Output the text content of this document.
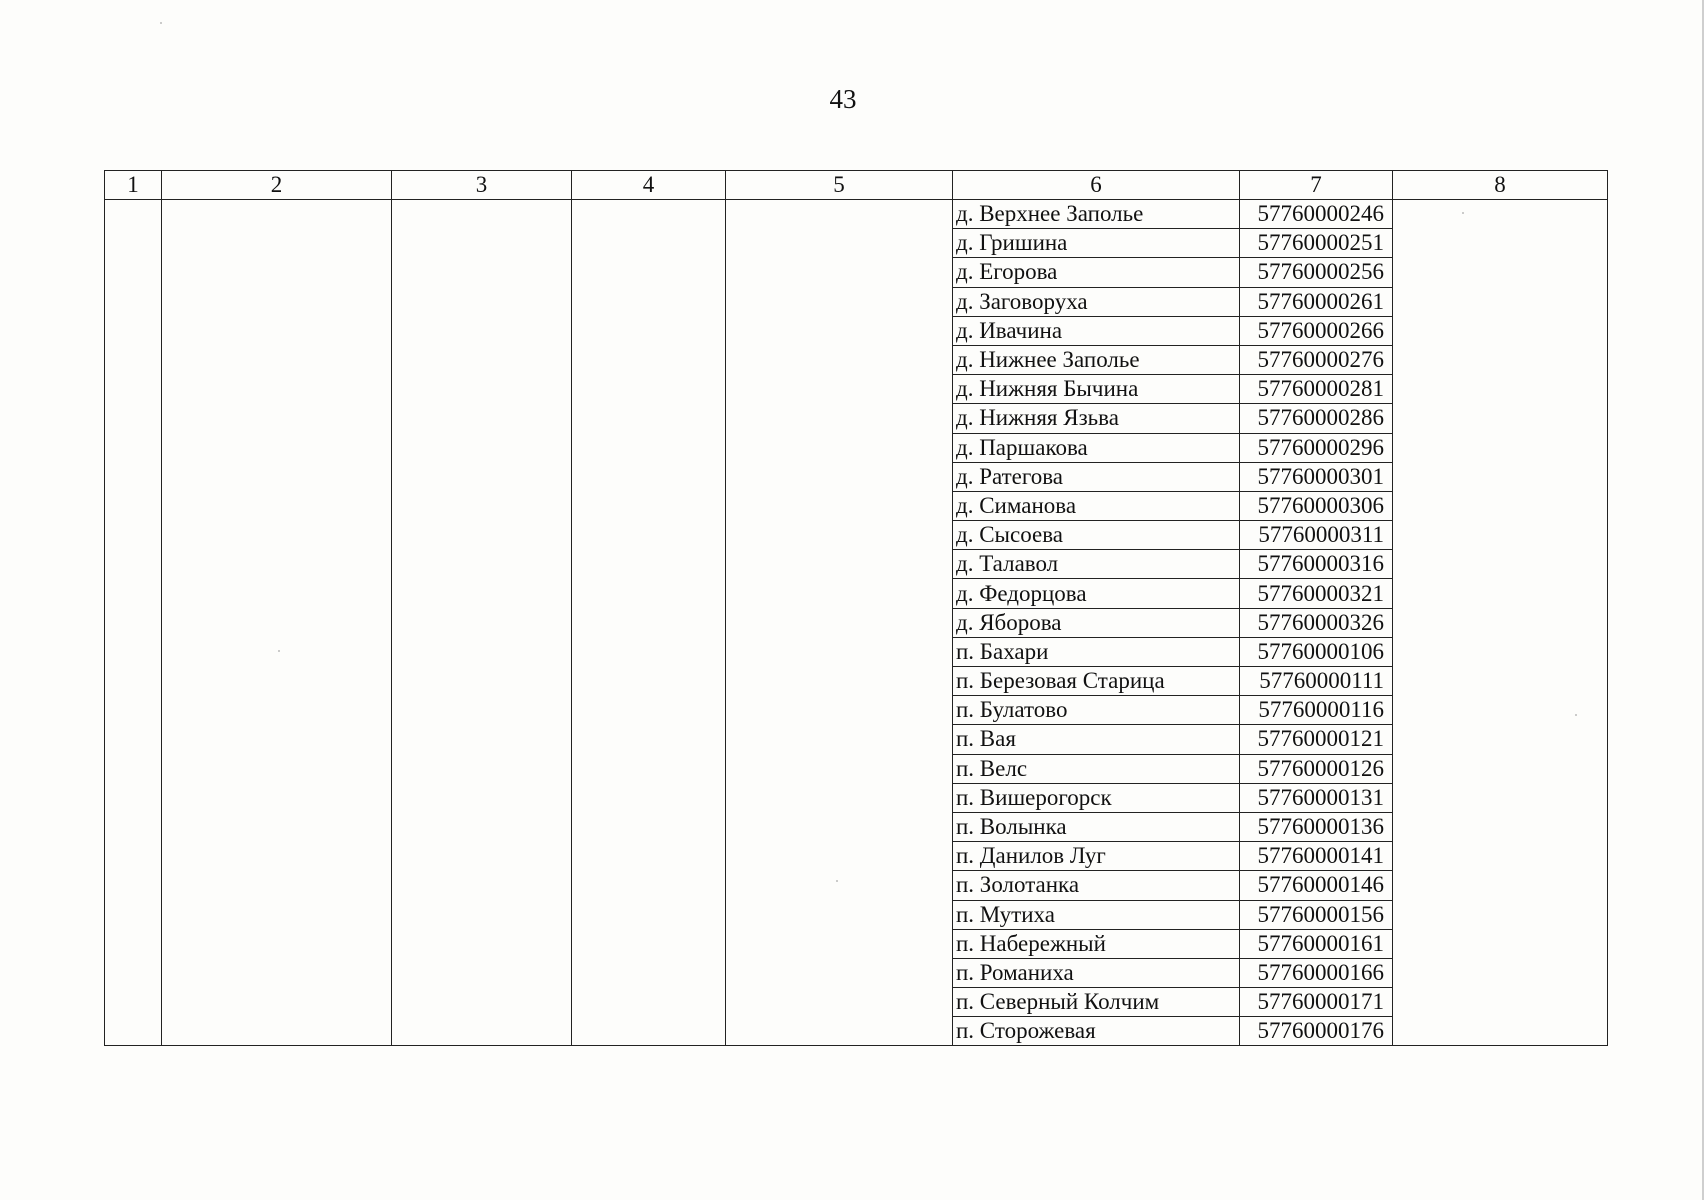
43
1	2	3	4	5	6	7	8
					д. Верхнее Заполье	57760000246	
					д. Гришина	57760000251	
					д. Егорова	57760000256	
					д. Заговоруха	57760000261	
					д. Ивачина	57760000266	
					д. Нижнее Заполье	57760000276	
					д. Нижняя Бычина	57760000281	
					д. Нижняя Язьва	57760000286	
					д. Паршакова	57760000296	
					д. Ратегова	57760000301	
					д. Симанова	57760000306	
					д. Сысоева	57760000311	
					д. Талавол	57760000316	
					д. Федорцова	57760000321	
					д. Яборова	57760000326	
					п. Бахари	57760000106	
					п. Березовая Старица	57760000111	
					п. Булатово	57760000116	
					п. Вая	57760000121	
					п. Велс	57760000126	
					п. Вишерогорск	57760000131	
					п. Волынка	57760000136	
					п. Данилов Луг	57760000141	
					п. Золотанка	57760000146	
					п. Мутиха	57760000156	
					п. Набережный	57760000161	
					п. Романиха	57760000166	
					п. Северный Колчим	57760000171	
					п. Сторожевая	57760000176	
